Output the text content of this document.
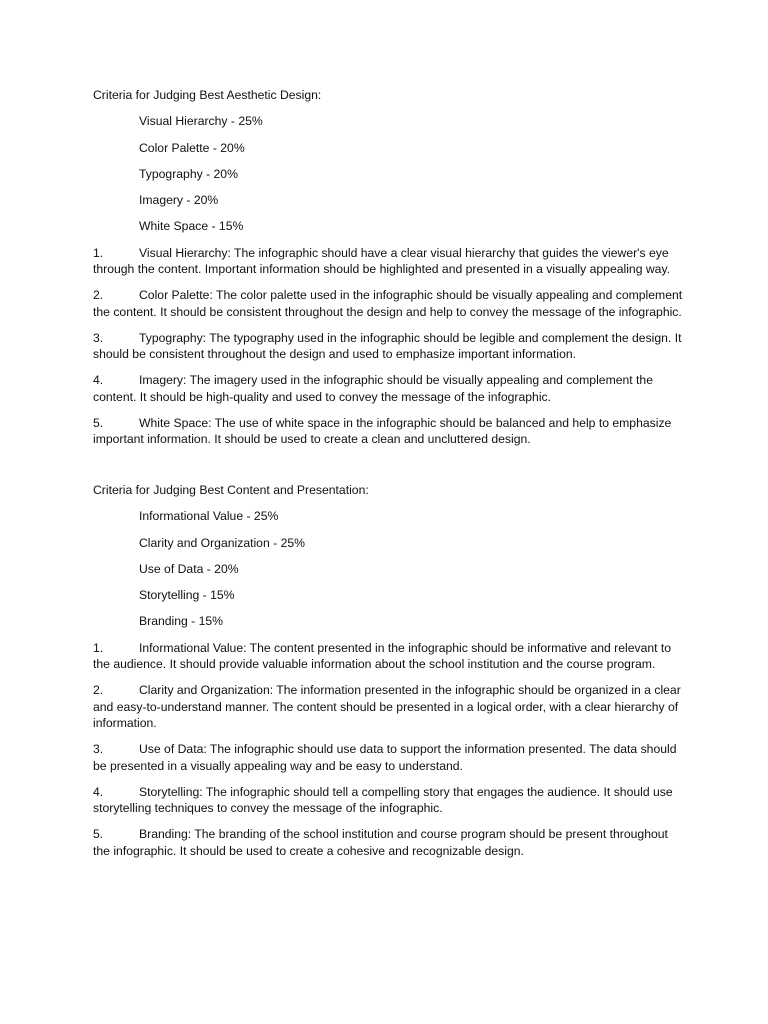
Criteria for Judging Best Aesthetic Design:
Visual Hierarchy - 25%
Color Palette - 20%
Typography - 20%
Imagery - 20%
White Space - 15%
1.	Visual Hierarchy: The infographic should have a clear visual hierarchy that guides the viewer's eye through the content. Important information should be highlighted and presented in a visually appealing way.
2.	Color Palette: The color palette used in the infographic should be visually appealing and complement the content. It should be consistent throughout the design and help to convey the message of the infographic.
3.	Typography: The typography used in the infographic should be legible and complement the design. It should be consistent throughout the design and used to emphasize important information.
4.	Imagery: The imagery used in the infographic should be visually appealing and complement the content. It should be high-quality and used to convey the message of the infographic.
5.	White Space: The use of white space in the infographic should be balanced and help to emphasize important information. It should be used to create a clean and uncluttered design.
Criteria for Judging Best Content and Presentation:
Informational Value - 25%
Clarity and Organization - 25%
Use of Data - 20%
Storytelling - 15%
Branding - 15%
1.	Informational Value: The content presented in the infographic should be informative and relevant to the audience. It should provide valuable information about the school institution and the course program.
2.	Clarity and Organization: The information presented in the infographic should be organized in a clear and easy-to-understand manner. The content should be presented in a logical order, with a clear hierarchy of information.
3.	Use of Data: The infographic should use data to support the information presented. The data should be presented in a visually appealing way and be easy to understand.
4.	Storytelling: The infographic should tell a compelling story that engages the audience. It should use storytelling techniques to convey the message of the infographic.
5.	Branding: The branding of the school institution and course program should be present throughout the infographic. It should be used to create a cohesive and recognizable design.
